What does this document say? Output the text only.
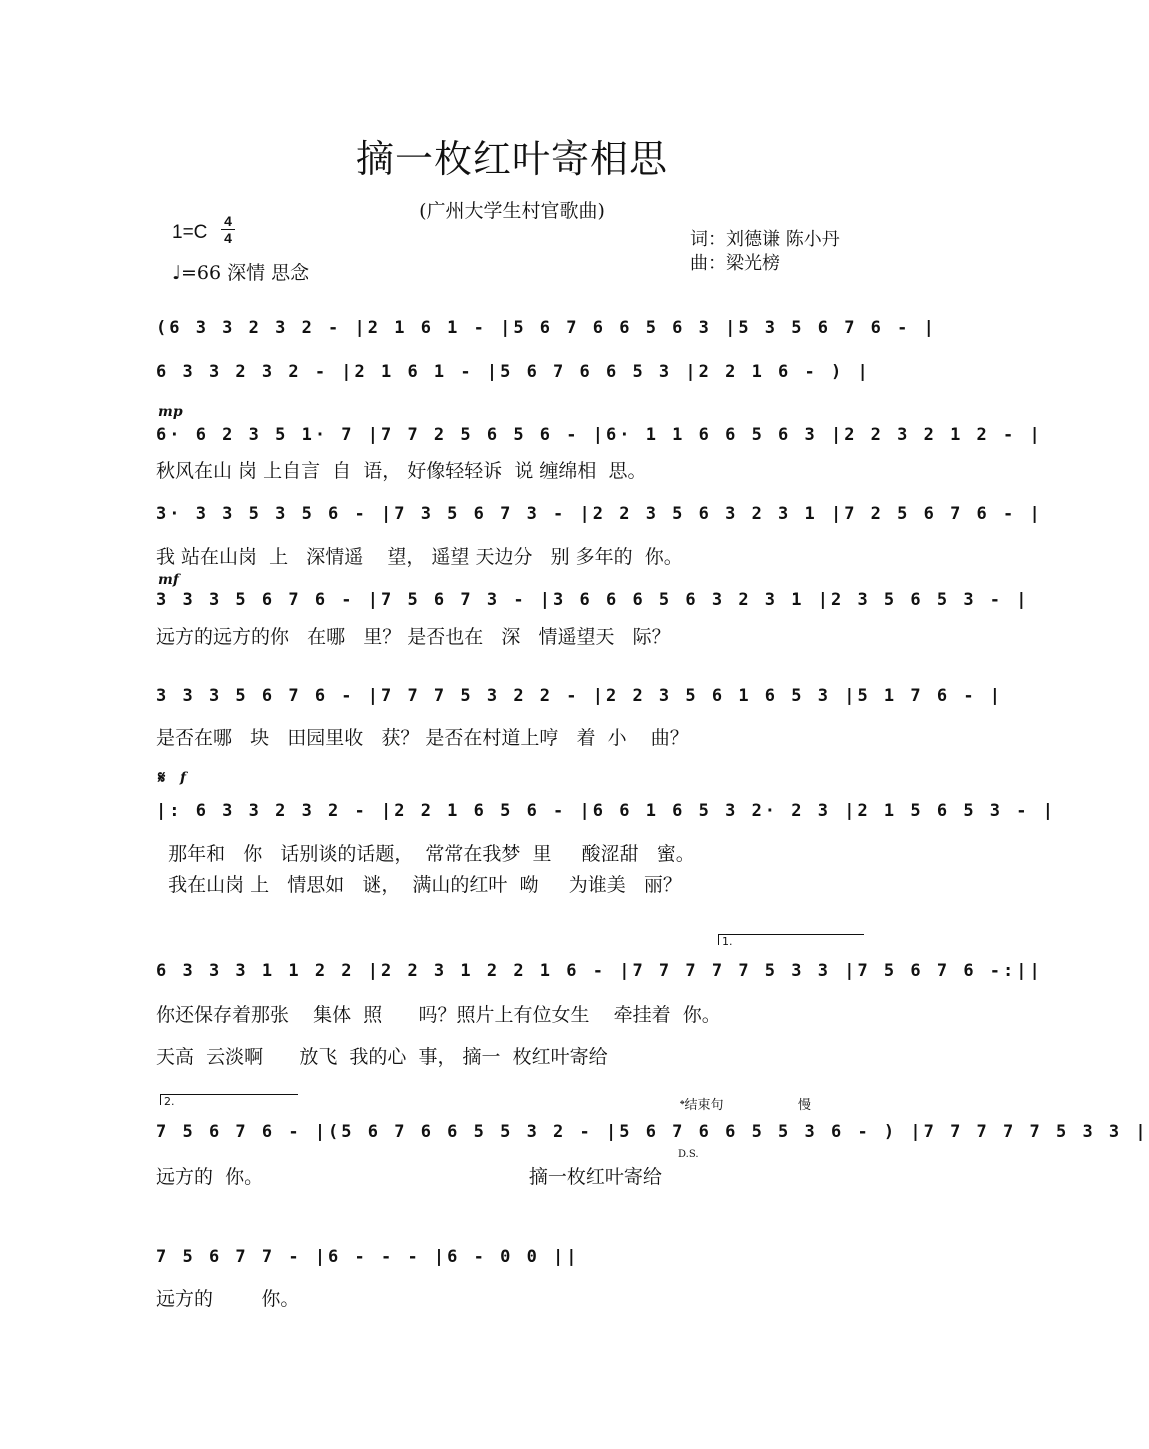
摘一枚红叶寄相思
(广州大学生村官歌曲)
1=C
4
4
♩=66 深情 思念
词：刘德谦 陈小丹
曲：梁光榜
(6 3 3 2 3 2 - |2 1 6 1 - |5 6 7 6 6 5 6 3 |5 3 5 6 7 6 - |
6 3 3 2 3 2 - |2 1 6 1 - |5 6 7 6 6 5 3 |2 2 1 6 - ) |
mp
6· 6 2 3 5 1· 7 |7 7 2 5 6 5 6 - |6· 1 1 6 6 5 6 3 |2 2 3 2 1 2 - |
秋风在山 岗 上自言  自  语， 好像轻轻诉  说 缠绵相  思。
3· 3 3 5 3 5 6 - |7 3 5 6 7 3 - |2 2 3 5 6 3 2 3 1 |7 2 5 6 7 6 - |
我 站在山岗  上   深情遥    望， 遥望 天边分   别 多年的  你。
mf
3 3 3 5 6 7 6 - |7 5 6 7 3 - |3 6 6 6 5 6 3 2 3 1 |2 3 5 6 5 3 - |
远方的远方的你   在哪   里？ 是否也在   深   情遥望天   际？
3 3 3 5 6 7 6 - |7 7 7 5 3 2 2 - |2 2 3 5 6 1 6 5 3 |5 1 7 6 - |
是否在哪   块   田园里收   获？ 是否在村道上哼   着  小    曲？
𝄋 f
|: 6 3 3 2 3 2 - |2 2 1 6 5 6 - |6 6 1 6 5 3 2· 2 3 |2 1 5 6 5 3 - |
那年和   你   话别谈的话题，  常常在我梦  里     酸涩甜   蜜。
我在山岗 上   情思如   谜，  满山的红叶  呦     为谁美   丽？
1.
6 3 3 3 1 1 2 2 |2 2 3 1 2 2 1 6 - |7 7 7 7 7 5 3 3 |7 5 6 7 6 -:||
你还保存着那张    集体  照      吗？照片上有位女生    牵挂着  你。
天高  云淡啊      放飞  我的心  事， 摘一  枚红叶寄给
2.	𝄌结束句	慢
7 5 6 7 6 - |(5 6 7 6 6 5 5 3 2 - |5 6 7 6 6 5 5 3 6 - ) |7 7 7 7 7 5 3 3 |
D.S.
远方的  你。                                            摘一枚红叶寄给
7 5 6 7 7 - |6 - - - |6 - 0 0 ||
远方的        你。
